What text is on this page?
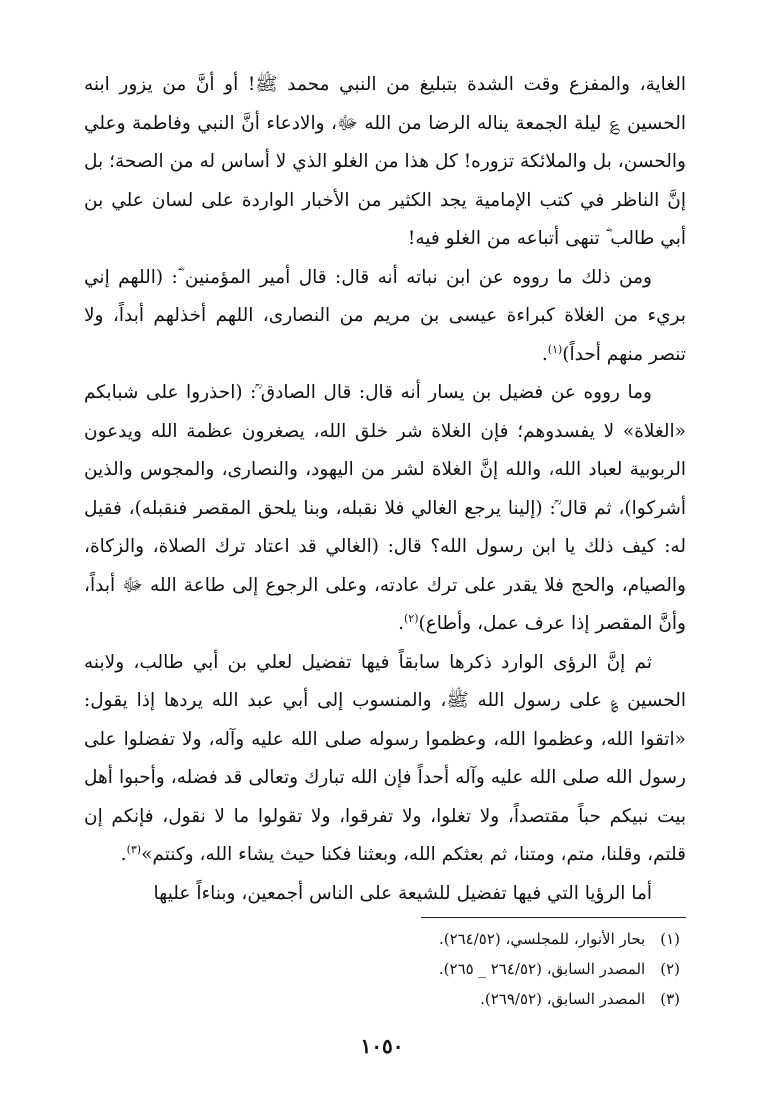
الغاية، والمفزع وقت الشدة بتبليغ من النبي محمد ﷺ! أو أنَّ من يزور ابنه الحسين ؏ ليلة الجمعة يناله الرضا من الله ﷻ، والادعاء أنَّ النبي وفاطمة وعلي والحسن، بل والملائكة تزوره! كل هذا من الغلو الذي لا أساس له من الصحة؛ بل إنَّ الناظر في كتب الإمامية يجد الكثير من الأخبار الواردة على لسان علي بن أبي طالب ؓ تنهى أتباعه من الغلو فيه!

ومن ذلك ما رووه عن ابن نباته أنه قال: قال أمير المؤمنين ؓ: (اللهم إني بريء من الغلاة كبراءة عيسى بن مريم من النصارى، اللهم أخذلهم أبداً، ولا تنصر منهم أحداً)$^{(١)}$.

وما رووه عن فضيل بن يسار أنه قال: قال الصادق ؒ: (احذروا على شبابكم «الغلاة» لا يفسدوهم؛ فإن الغلاة شر خلق الله، يصغرون عظمة الله ويدعون الربوبية لعباد الله، والله إنَّ الغلاة لشر من اليهود، والنصارى، والمجوس والذين أشركوا)، ثم قال ؒ: (إلينا يرجع الغالي فلا نقبله، وبنا يلحق المقصر فنقبله)، فقيل له: كيف ذلك يا ابن رسول الله؟ قال: (الغالي قد اعتاد ترك الصلاة، والزكاة، والصيام، والحج فلا يقدر على ترك عادته، وعلى الرجوع إلى طاعة الله ﷻ أبداً، وأنَّ المقصر إذا عرف عمل، وأطاع)$^{(٢)}$.

ثم إنَّ الرؤى الوارد ذكرها سابقاً فيها تفضيل لعلي بن أبي طالب، ولابنه الحسين ؏ على رسول الله ﷺ، والمنسوب إلى أبي عبد الله يردها إذا يقول: «اتقوا الله، وعظموا الله، وعظموا رسوله صلى الله عليه وآله، ولا تفضلوا على رسول الله صلى الله عليه وآله أحداً فإن الله تبارك وتعالى قد فضله، وأحبوا أهل بيت نبيكم حباً مقتصداً، ولا تغلوا، ولا تفرقوا، ولا تقولوا ما لا نقول، فإنكم إن قلتم، وقلنا، متم، ومتنا، ثم بعثكم الله، وبعثنا فكنا حيث يشاء الله، وكنتم»$^{(٣)}$.

أما الرؤيا التي فيها تفضيل للشيعة على الناس أجمعين، وبناءاً عليها

(١) بحار الأنوار، للمجلسي، (٢٦٤/٥٢).
(٢) المصدر السابق، (٢٦٤/٥٢ _ ٢٦٥).
(٣) المصدر السابق، (٢٦٩/٥٢).
١٠٥٠
